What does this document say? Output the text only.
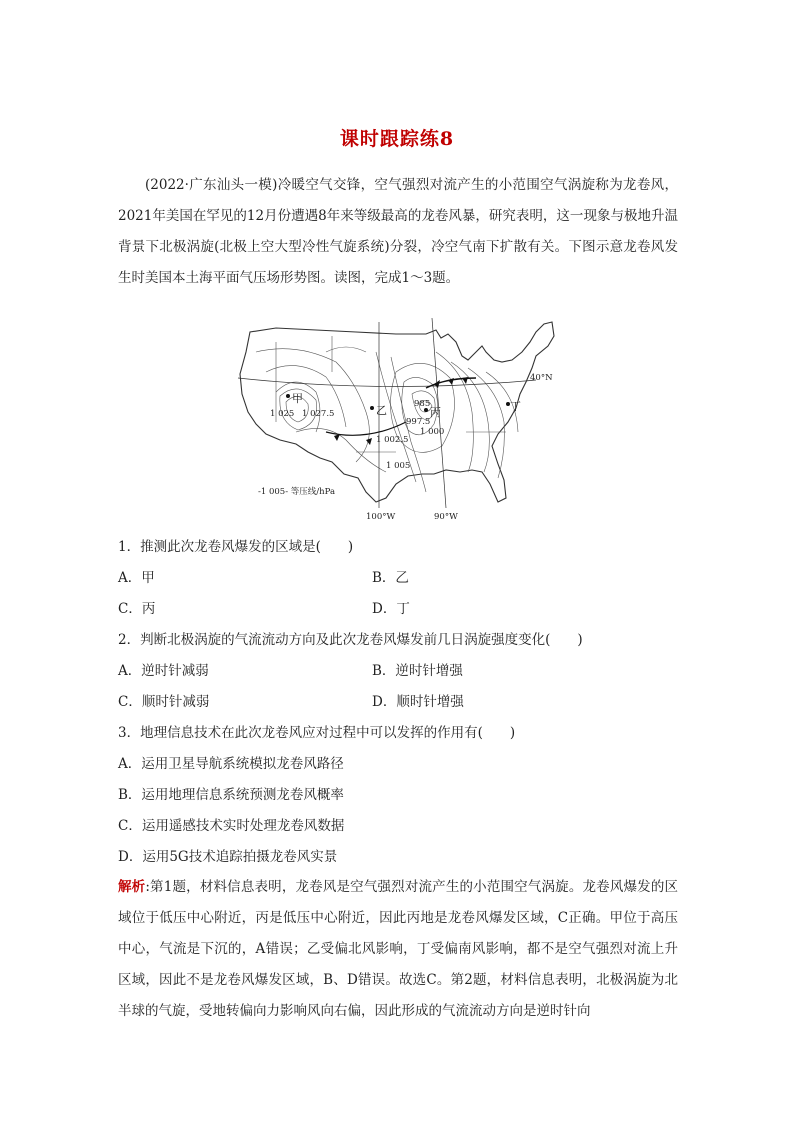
课时跟踪练8
(2022·广东汕头一模)冷暖空气交锋，空气强烈对流产生的小范围空气涡旋称为龙卷风，2021年美国在罕见的12月份遭遇8年来等级最高的龙卷风暴，研究表明，这一现象与极地升温背景下北极涡旋(北极上空大型冷性气旋系统)分裂，冷空气南下扩散有关。下图示意龙卷风发生时美国本土海平面气压场形势图。读图，完成1～3题。
甲
乙	丙	丁
1 025 1 027.5
985
997.5
1 000
1 002.5
1 005
40°N
100°W	90°W
-1 005- 等压线/hPa
1．推测此次龙卷风爆发的区域是(　　)
A．甲	B．乙
C．丙	D．丁
2．判断北极涡旋的气流流动方向及此次龙卷风爆发前几日涡旋强度变化(　　)
A．逆时针减弱	B．逆时针增强
C．顺时针减弱	D．顺时针增强
3．地理信息技术在此次龙卷风应对过程中可以发挥的作用有(　　)
A．运用卫星导航系统模拟龙卷风路径
B．运用地理信息系统预测龙卷风概率
C．运用遥感技术实时处理龙卷风数据
D．运用5G技术追踪拍摄龙卷风实景
解析:第1题，材料信息表明，龙卷风是空气强烈对流产生的小范围空气涡旋。龙卷风爆发的区域位于低压中心附近，丙是低压中心附近，因此丙地是龙卷风爆发区域，C正确。甲位于高压中心，气流是下沉的，A错误；乙受偏北风影响，丁受偏南风影响，都不是空气强烈对流上升区域，因此不是龙卷风爆发区域，B、D错误。故选C。第2题，材料信息表明，北极涡旋为北半球的气旋，受地转偏向力影响风向右偏，因此形成的气流流动方向是逆时针向
